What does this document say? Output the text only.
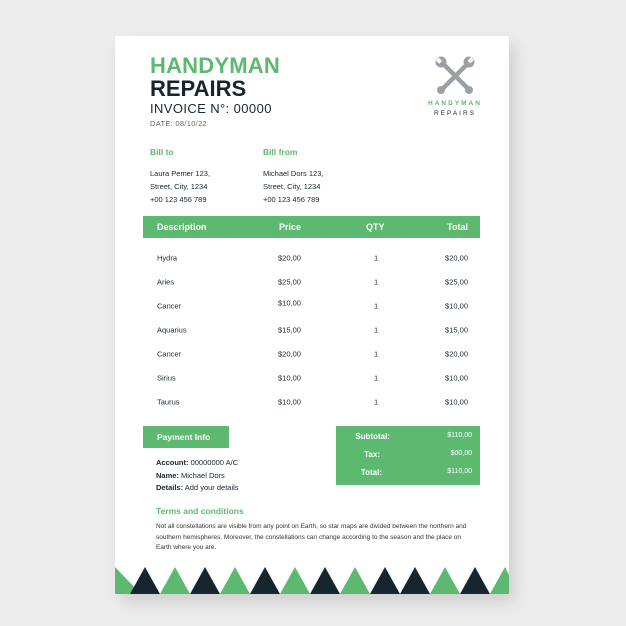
HANDYMAN
REPAIRS
INVOICE N°: 00000
DATE: 08/10/22
HANDYMAN
REPAIRS
Bill to
Laura Pemer 123,
Street, City, 1234
+00 123 456 789
Bill from
Michael Dors 123,
Street, City, 1234
+00 123 456 789
Description	Price	QTY	Total
Hydra	$20,00	1	$20,00
Aries	$25,00	1	$25,00
Cancer	$10,00	1	$10,00
Aquarius	$15,00	1	$15,00
Cancer	$20,00	1	$20,00
Sirius	$10,00	1	$10,00
Taurus	$10,00	1	$10,00
Payment Info
Account: 00000000 A/C
Name: Michael Dors
Details: Add your details
Subtotal:	$110,00
Tax:	$00,00
Total:	$110,00
Terms and conditions
Not all constellations are visible from any point on Earth, so star maps are divided between the northern and southern hemispheres. Moreover, the constellations can change according to the season and the place on Earth where you are.
